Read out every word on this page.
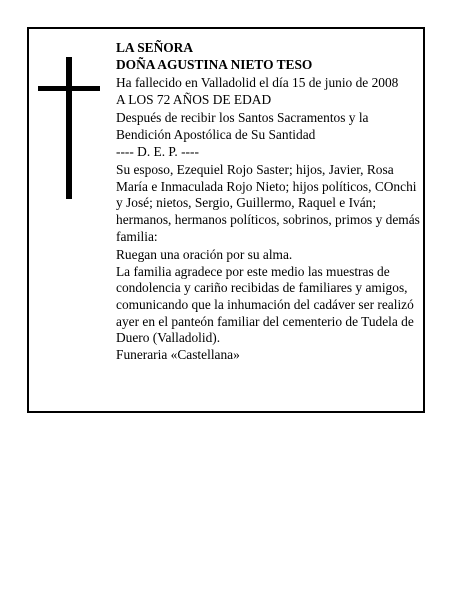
LA SEÑORA

DOÑA AGUSTINA NIETO TESO

Ha fallecido en Valladolid el día 15 de junio de 2008

A LOS 72 AÑOS DE EDAD

Después de recibir los Santos Sacramentos y la Bendición Apostólica de Su Santidad

---- D. E. P. ----

Su esposo, Ezequiel Rojo Saster; hijos, Javier, Rosa María e Inmaculada Rojo Nieto; hijos políticos, COnchi y José; nietos, Sergio, Guillermo, Raquel e Iván; hermanos, hermanos políticos, sobrinos, primos y demás familia:

Ruegan una oración por su alma.

La familia agradece por este medio las muestras de condolencia y cariño recibidas de familiares y amigos, comunicando que la inhumación del cadáver ser realizó ayer en el panteón familiar del cementerio de Tudela de Duero (Valladolid).

Funeraria «Castellana»
